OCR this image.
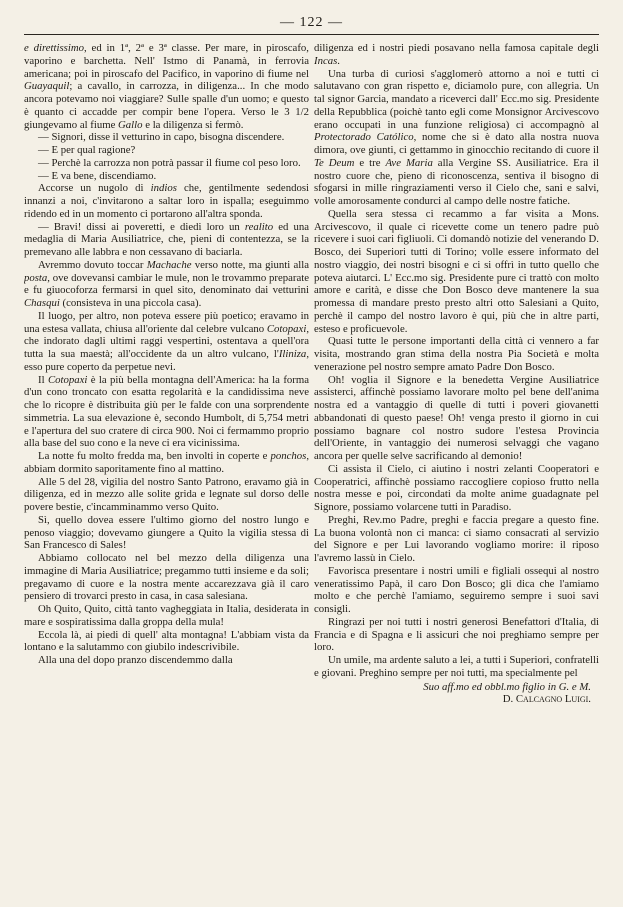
— 122 —

e direttissimo, ed in 1ª, 2ª e 3ª classe. Per mare, in piroscafo, vaporino e barchetta. Nell' Istmo di Panamà, in ferrovia americana; poi in piroscafo del Pacifico, in vaporino di fiume nel Guayaquil; a cavallo, in carrozza, in diligenza... In che modo ancora potevamo noi viaggiare? Sulle spalle d'un uomo; e questo è quanto ci accadde per compir bene l'opera. Verso le 3 1/2 giungevamo al fiume Gallo e la diligenza si fermò.

— Signori, disse il vetturino in capo, bisogna discendere.

— E per qual ragione?

— Perchè la carrozza non potrà passar il fiume col peso loro.

— E va bene, discendiamo.

Accorse un nugolo di indios che, gentilmente sedendosi innanzi a noi, c'invitarono a saltar loro in ispalla; eseguimmo ridendo ed in un momento ci portarono all'altra sponda.

— Bravi! dissi ai poveretti, e diedi loro un realito ed una medaglia di Maria Ausiliatrice, che, pieni di contentezza, se la premevano alle labbra e non cessavano di baciarla.

Avremmo dovuto toccar Machache verso notte, ma giunti alla posta, ove dovevansi cambiar le mule, non le trovammo preparate e fu giuocoforza fermarsi in quel sito, denominato dai vetturini Chasqui (consisteva in una piccola casa).

Il luogo, per altro, non poteva essere più poetico; eravamo in una estesa vallata, chiusa all'oriente dal celebre vulcano Cotopaxi, che indorato dagli ultimi raggi vespertini, ostentava a quell'ora tutta la sua maestà; all'occidente da un altro vulcano, l'Iliniza, esso pure coperto da perpetue nevi.

Il Cotopaxi è la più bella montagna dell'America: ha la forma d'un cono troncato con esatta regolarità e la candidissima neve che lo ricopre è distribuita giù per le falde con una sorprendente simmetria. La sua elevazione è, secondo Humbolt, di 5,754 metri e l'apertura del suo cratere di circa 900. Noi ci fermammo proprio alla base del suo cono e la neve ci era vicinissima.

La notte fu molto fredda ma, ben involti in coperte e ponchos, abbiam dormito saporitamente fino al mattino.

Alle 5 del 28, vigilia del nostro Santo Patrono, eravamo già in diligenza, ed in mezzo alle solite grida e legnate sul dorso delle povere bestie, c'incamminammo verso Quito.

Sì, quello dovea essere l'ultimo giorno del nostro lungo e penoso viaggio; dovevamo giungere a Quito la vigilia stessa di San Francesco di Sales!

Abbiamo collocato nel bel mezzo della diligenza una immagine di Maria Ausiliatrice; pregammo tutti insieme e da soli; pregavamo di cuore e la nostra mente accarezzava già il caro pensiero di trovarci presto in casa, in casa salesiana.

Oh Quito, Quito, città tanto vagheggiata in Italia, desiderata in mare e sospiratissima dalla groppa della mula!

Eccola là, ai piedi di quell' alta montagna! L'abbiam vista da lontano e la salutammo con giubilo indescrivibile.

Alla una del dopo pranzo discendemmo dalla

diligenza ed i nostri piedi posavano nella famosa capitale degli Incas.

Una turba di curiosi s'agglomerò attorno a noi e tutti ci salutavano con gran rispetto e, diciamolo pure, con allegria. Un tal signor Garcia, mandato a riceverci dall' Ecc.mo sig. Presidente della Repubblica (poichè tanto egli come Monsignor Arcivescovo erano occupati in una funzione religiosa) ci accompagnò al Protectorado Católico, nome che si è dato alla nostra nuova dimora, ove giunti, ci gettammo in ginocchio recitando di cuore il Te Deum e tre Ave Maria alla Vergine SS. Ausiliatrice. Era il nostro cuore che, pieno di riconoscenza, sentiva il bisogno di sfogarsi in mille ringraziamenti verso il Cielo che, sani e salvi, volle amorosamente condurci al campo delle nostre fatiche.

Quella sera stessa ci recammo a far visita a Mons. Arcivescovo, il quale ci ricevette come un tenero padre può ricevere i suoi cari figliuoli. Ci domandò notizie del venerando D. Bosco, dei Superiori tutti di Torino; volle essere informato del nostro viaggio, dei nostri bisogni e ci si offrì in tutto quello che poteva aiutarci. L' Ecc.mo sig. Presidente pure ci trattò con molto amore e carità, e disse che Don Bosco deve mantenere la sua promessa di mandare presto presto altri otto Salesiani a Quito, perchè il campo del nostro lavoro è qui, più che in altre parti, esteso e proficuevole.

Quasi tutte le persone importanti della città ci vennero a far visita, mostrando gran stima della nostra Pia Società e molta venerazione pel nostro sempre amato Padre Don Bosco.

Oh! voglia il Signore e la benedetta Vergine Ausiliatrice assisterci, affinchè possiamo lavorare molto pel bene dell'anima nostra ed a vantaggio di quelle di tutti i poveri giovanetti abbandonati di questo paese! Oh! venga presto il giorno in cui possiamo bagnare col nostro sudore l'estesa Provincia dell'Oriente, in vantaggio dei numerosi selvaggi che vagano ancora per quelle selve sacrificando al demonio!

Ci assista il Cielo, ci aiutino i nostri zelanti Cooperatori e Cooperatrici, affinchè possiamo raccogliere copioso frutto nella nostra messe e poi, circondati da molte anime guadagnate pel Signore, possiamo volarcene tutti in Paradiso.

Preghi, Rev.mo Padre, preghi e faccia pregare a questo fine. La buona volontà non ci manca: ci siamo consacrati al servizio del Signore e per Lui lavorando vogliamo morire: il riposo l'avremo lassù in Cielo.

Favorisca presentare i nostri umili e figliali ossequi al nostro veneratissimo Papà, il caro Don Bosco; gli dica che l'amiamo molto e che perchè l'amiamo, seguiremo sempre i suoi savi consigli.

Ringrazi per noi tutti i nostri generosi Benefattori d'Italia, di Francia e di Spagna e li assicuri che noi preghiamo sempre per loro.

Un umile, ma ardente saluto a lei, a tutti i Superiori, confratelli e giovani. Preghino sempre per noi tutti, ma specialmente pel

Suo aff.mo ed obbl.mo figlio in G. e M.

D. Calcagno Luigi.
